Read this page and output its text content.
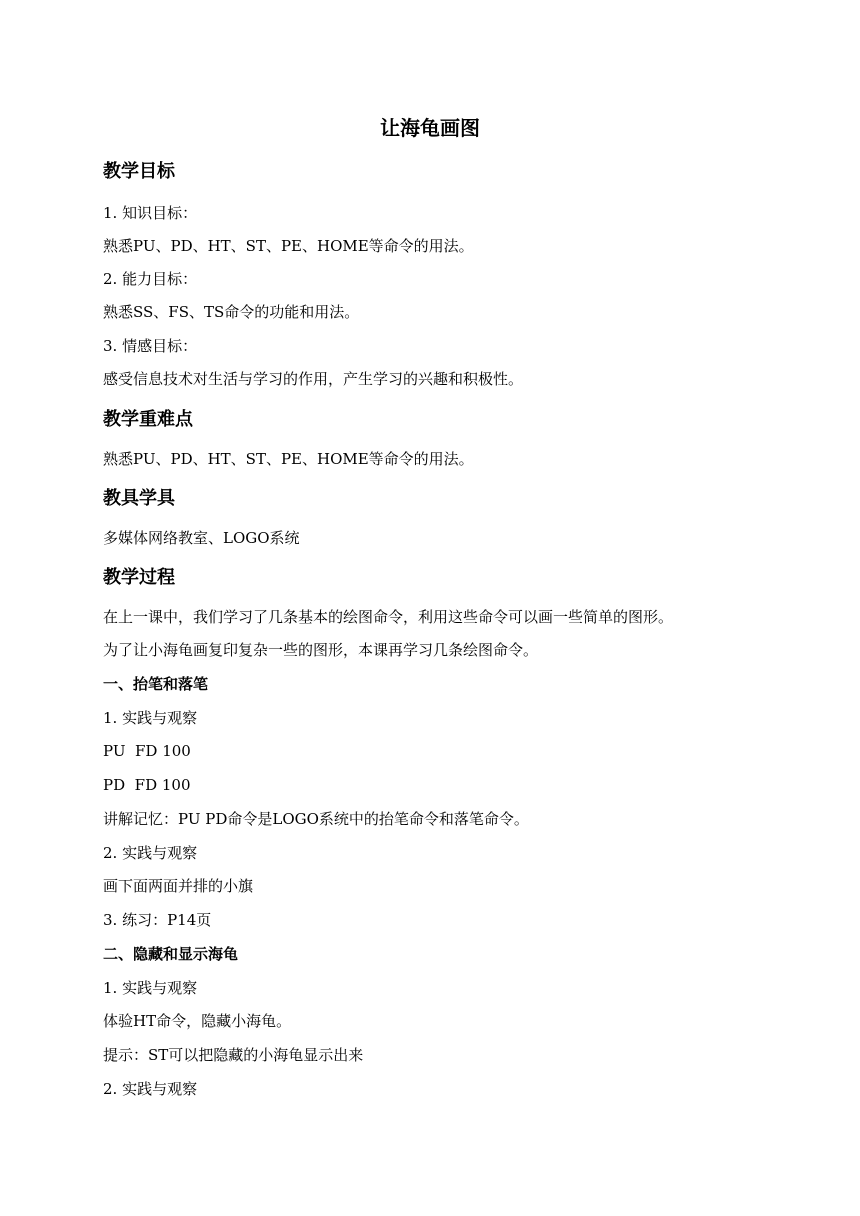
让海龟画图
教学目标

1. 知识目标：

熟悉PU、PD、HT、ST、PE、HOME等命令的用法。

2. 能力目标：

熟悉SS、FS、TS命令的功能和用法。

3. 情感目标：

感受信息技术对生活与学习的作用，产生学习的兴趣和积极性。

教学重难点

熟悉PU、PD、HT、ST、PE、HOME等命令的用法。

教具学具

多媒体网络教室、LOGO系统

教学过程

在上一课中，我们学习了几条基本的绘图命令，利用这些命令可以画一些简单的图形。

为了让小海龟画复印复杂一些的图形，本课再学习几条绘图命令。

一、抬笔和落笔

1. 实践与观察

PU  FD 100

PD  FD 100

讲解记忆：PU PD命令是LOGO系统中的抬笔命令和落笔命令。

2. 实践与观察

画下面两面并排的小旗

3. 练习：P14页

二、隐藏和显示海龟

1. 实践与观察

体验HT命令，隐藏小海龟。

提示：ST可以把隐藏的小海龟显示出来

2. 实践与观察
